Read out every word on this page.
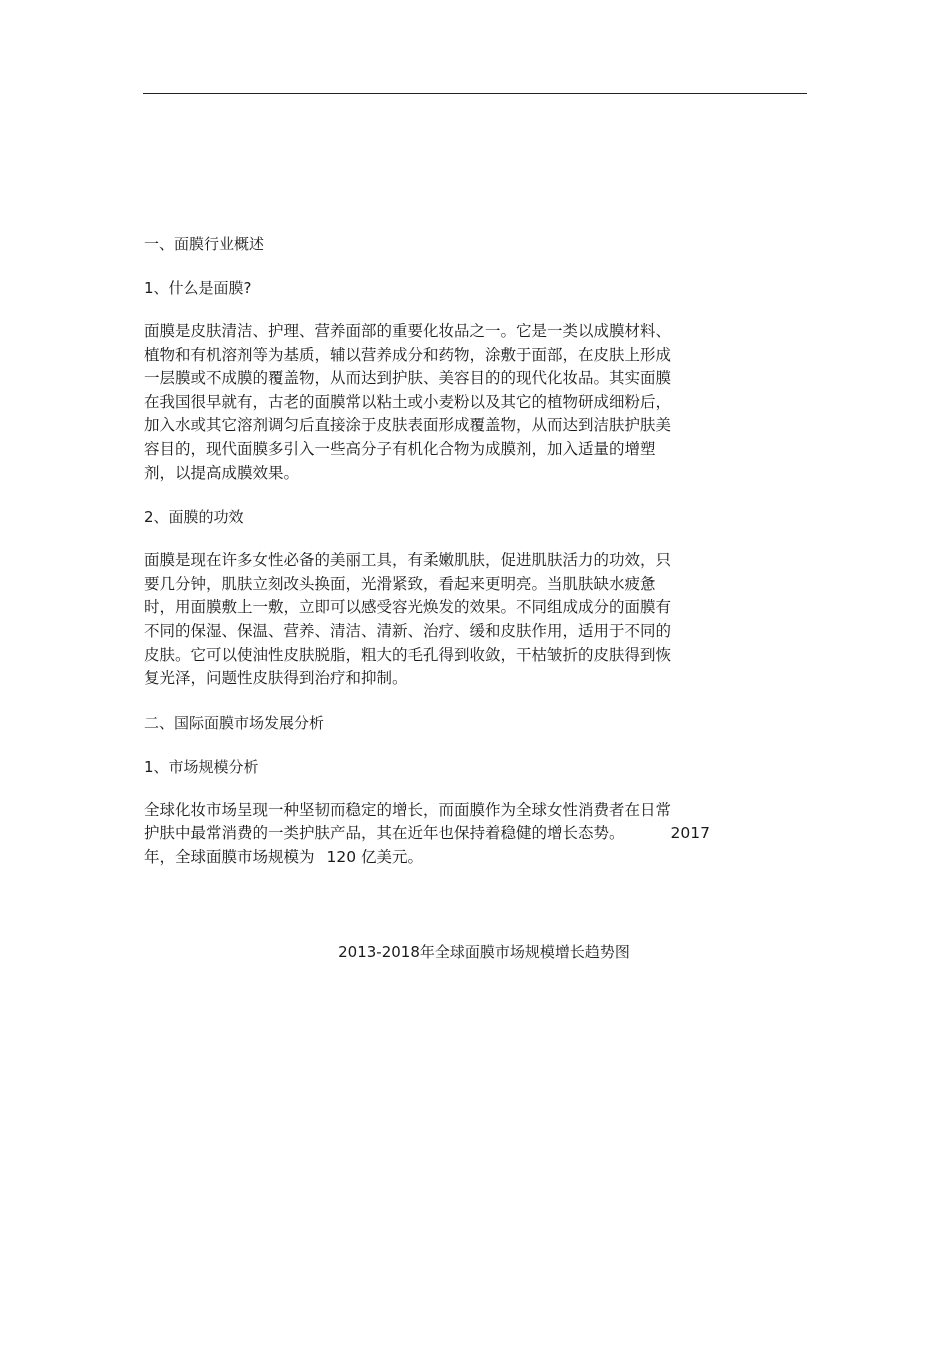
一、面膜行业概述
1、什么是面膜?
面膜是皮肤清洁、护理、营养面部的重要化妆品之一。它是一类以成膜材料、
植物和有机溶剂等为基质，辅以营养成分和药物，涂敷于面部，在皮肤上形成
一层膜或不成膜的覆盖物，从而达到护肤、美容目的的现代化妆品。其实面膜
在我国很早就有，古老的面膜常以粘土或小麦粉以及其它的植物研成细粉后，
加入水或其它溶剂调匀后直接涂于皮肤表面形成覆盖物，从而达到洁肤护肤美
容目的，现代面膜多引入一些高分子有机化合物为成膜剂，加入适量的增塑
剂，以提高成膜效果。
2、面膜的功效
面膜是现在许多女性必备的美丽工具，有柔嫩肌肤，促进肌肤活力的功效，只
要几分钟，肌肤立刻改头换面，光滑紧致，看起来更明亮。当肌肤缺水疲惫
时，用面膜敷上一敷，立即可以感受容光焕发的效果。不同组成成分的面膜有
不同的保湿、保温、营养、清洁、清新、治疗、缓和皮肤作用，适用于不同的
皮肤。它可以使油性皮肤脱脂，粗大的毛孔得到收敛，干枯皱折的皮肤得到恢
复光泽，问题性皮肤得到治疗和抑制。
二、国际面膜市场发展分析
1、市场规模分析
全球化妆市场呈现一种坚韧而稳定的增长，而面膜作为全球女性消费者在日常
护肤中最常消费的一类护肤产品，其在近年也保持着稳健的增长态势。	2017
年，全球面膜市场规模为 120 亿美元。
2013-2018年全球面膜市场规模增长趋势图
